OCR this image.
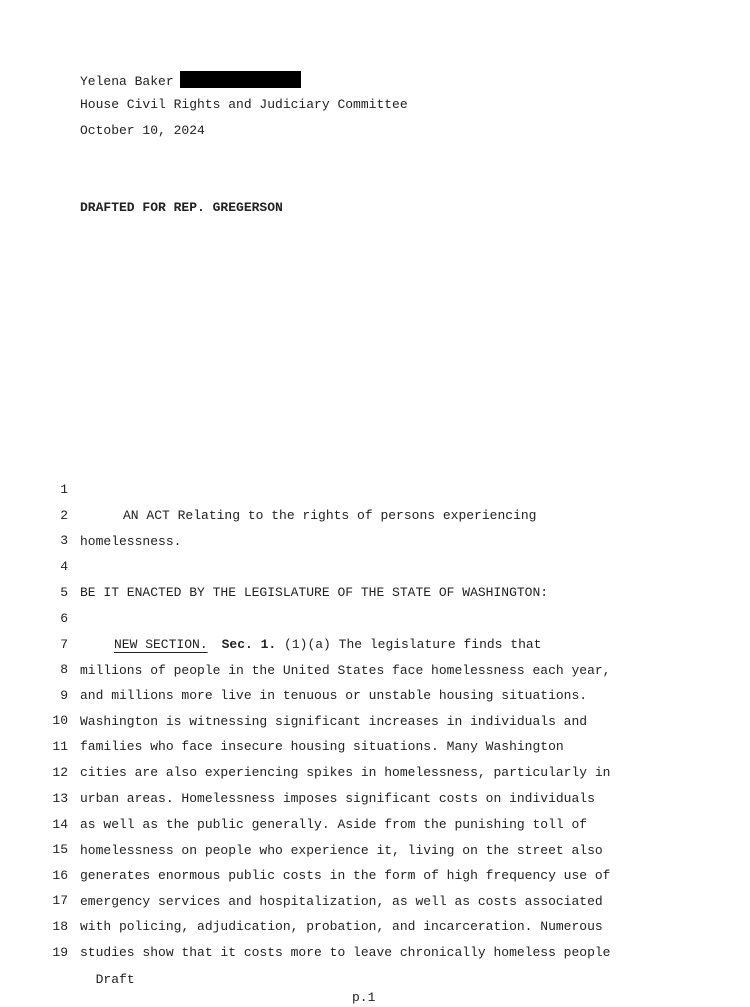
Yelena Baker
House Civil Rights and Judiciary Committee
October 10, 2024
DRAFTED FOR REP. GREGERSON

1

AN ACT Relating to the rights of persons experiencing

2

homelessness.

3

4

BE IT ENACTED BY THE LEGISLATURE OF THE STATE OF WASHINGTON:

5

6

NEW SECTION. Sec. 1. (1)(a) The legislature finds that

7

millions of people in the United States face homelessness each year,

8

and millions more live in tenuous or unstable housing situations.

9

Washington is witnessing significant increases in individuals and

10

families who face insecure housing situations. Many Washington

11

cities are also experiencing spikes in homelessness, particularly in

12

urban areas. Homelessness imposes significant costs on individuals

13

as well as the public generally. Aside from the punishing toll of

14

homelessness on people who experience it, living on the street also

15

generates enormous public costs in the form of high frequency use of

16

emergency services and hospitalization, as well as costs associated

17

with policing, adjudication, probation, and incarceration. Numerous

18

studies show that it costs more to leave chronically homeless people

19

Draft

p.1
